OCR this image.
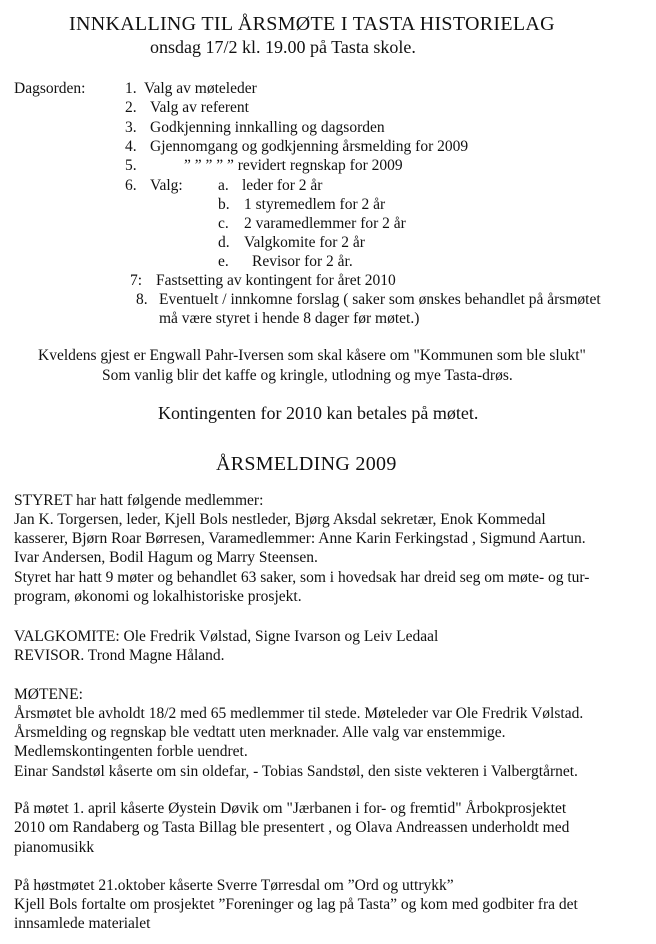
INNKALLING TIL ÅRSMØTE I TASTA HISTORIELAG
onsdag 17/2 kl. 19.00 på Tasta skole.
Dagsorden:	1. Valg av møteleder
2. Valg av referent
3. Godkjenning innkalling og dagsorden
4. Gjennomgang og godkjenning årsmelding for 2009
5.	” ” ” ” ” revidert regnskap for 2009
6. Valg: a. leder for 2 år
b. 1 styremedlem for 2 år
c. 2 varamedlemmer for 2 år
d. Valgkomite for 2 år
e. Revisor for 2 år.
7: Fastsetting av kontingent for året 2010
8. Eventuelt / innkomne forslag ( saker som ønskes behandlet på årsmøtet
må være styret i hende 8 dager før møtet.)
Kveldens gjest er Engwall Pahr-Iversen som skal kåsere om "Kommunen som ble slukt"
Som vanlig blir det kaffe og kringle, utlodning og mye Tasta-drøs.
Kontingenten for 2010 kan betales på møtet.
ÅRSMELDING 2009
STYRET har hatt følgende medlemmer:
Jan K. Torgersen, leder, Kjell Bols nestleder, Bjørg Aksdal sekretær, Enok Kommedal
kasserer, Bjørn Roar Børresen, Varamedlemmer: Anne Karin Ferkingstad , Sigmund Aartun.
Ivar Andersen, Bodil Hagum og Marry Steensen.
Styret har hatt 9 møter og behandlet 63 saker, som i hovedsak har dreid seg om møte- og tur-
program, økonomi og lokalhistoriske prosjekt.
VALGKOMITE: Ole Fredrik Vølstad, Signe Ivarson og Leiv Ledaal
REVISOR. Trond Magne Håland.
MØTENE:
Årsmøtet ble avholdt 18/2 med 65 medlemmer til stede. Møteleder var Ole Fredrik Vølstad.
Årsmelding og regnskap ble vedtatt uten merknader. Alle valg var enstemmige.
Medlemskontingenten forble uendret.
Einar Sandstøl kåserte om sin oldefar, - Tobias Sandstøl, den siste vekteren i Valbergtårnet.
På møtet 1. april kåserte Øystein Døvik om "Jærbanen i for- og fremtid" Årbokprosjektet
2010 om Randaberg og Tasta Billag ble presentert , og Olava Andreassen underholdt med
pianomusikk
På høstmøtet 21.oktober kåserte Sverre Tørresdal om ”Ord og uttrykk”
Kjell Bols fortalte om prosjektet ”Foreninger og lag på Tasta” og kom med godbiter fra det
innsamlede materialet
